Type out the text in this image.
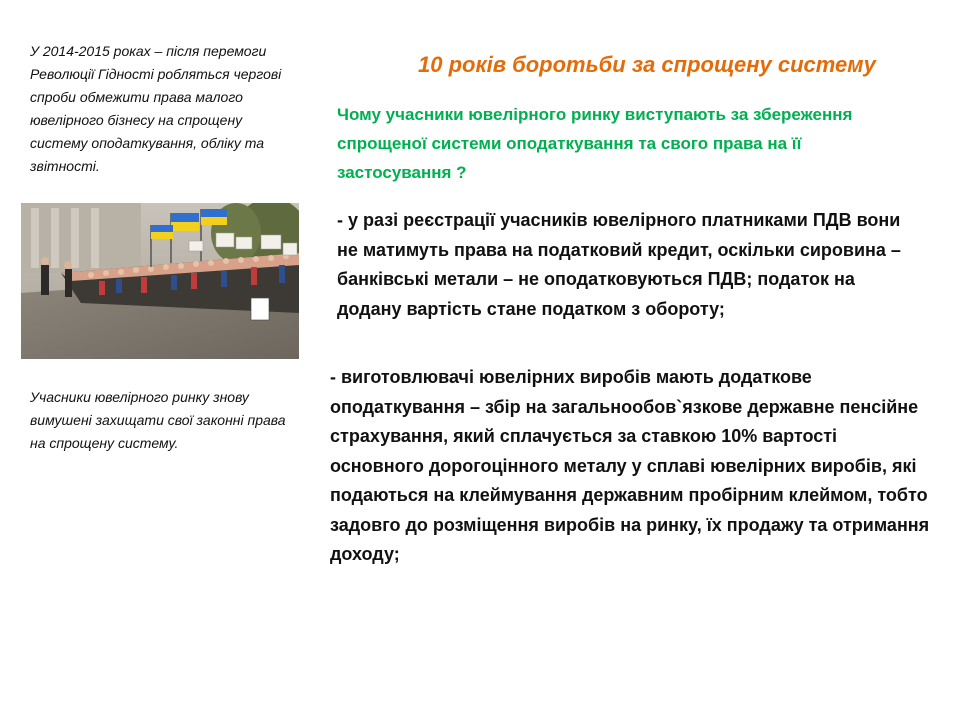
У 2014-2015 роках – після перемоги Революції Гідності робляться чергові спроби обмежити права малого ювелірного бізнесу на спрощену систему оподаткування, обліку та звітності.
Учасники ювелірного ринку знову вимушені захищати свої законні права на спрощену систему.
10 років боротьби за спрощену систему
Чому учасники ювелірного ринку виступають за збереження спрощеної системи оподаткування та свого права на її застосування ?
- у разі реєстрації учасників ювелірного платниками ПДВ вони не матимуть права на податковий кредит, оскільки сировина – банківські метали – не оподатковуються ПДВ; податок на додану вартість стане податком з обороту;
- виготовлювачі ювелірних виробів мають додаткове оподаткування – збір на загальнообов`язкове державне пенсійне страхування, який сплачується за ставкою 10% вартості основного дорогоцінного металу у сплаві ювелірних виробів, які подаються на клеймування державним пробірним клеймом, тобто задовго до розміщення виробів на ринку, їх продажу та отримання доходу;
